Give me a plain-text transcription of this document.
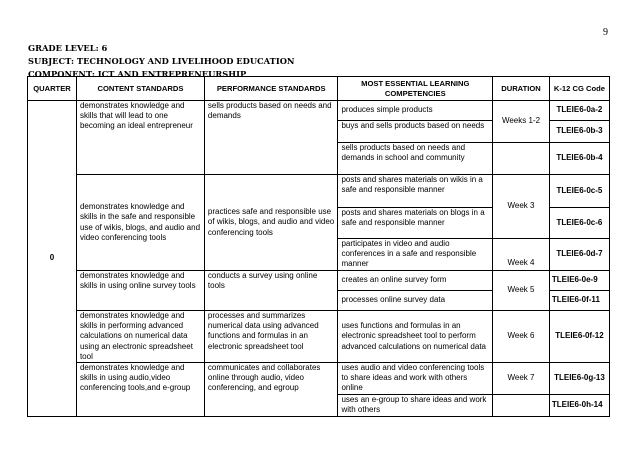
9
GRADE LEVEL: 6
SUBJECT: TECHNOLOGY AND LIVELIHOOD EDUCATION
COMPONENT: ICT AND ENTREPRENEURSHIP
QUARTER	CONTENT STANDARDS	PERFORMANCE STANDARDS	MOST ESSENTIAL LEARNING COMPETENCIES	DURATION	K-12 CG Code
0	demonstrates knowledge and skills that will lead to one becoming an ideal entrepreneur	sells products based on needs and demands	produces simple products	Weeks 1-2	TLEIE6-0a-2
			buys and sells products based on needs		TLEIE6-0b-3
			sells products based on needs and demands in school and community		TLEIE6-0b-4
	demonstrates knowledge and skills in the safe and responsible use of wikis, blogs, and audio and video conferencing tools	practices safe and responsible use of wikis, blogs, and audio and video conferencing tools	posts and shares materials on wikis in a safe and responsible manner	Week 3	TLEIE6-0c-5
			posts and shares materials on blogs in a safe and responsible manner		TLEIE6-0c-6
			participates in video and audio conferences in a safe and responsible manner	Week 4	TLEIE6-0d-7
	demonstrates knowledge and skills in using online survey tools	conducts a survey using online tools	creates an online survey form	Week 5	TLEIE6-0e-9
			processes online survey data		TLEIE6-0f-11
	demonstrates knowledge and skills in performing advanced calculations on numerical data using an electronic spreadsheet tool	processes and summarizes numerical data using advanced functions and formulas in an electronic spreadsheet tool	uses functions and formulas in an electronic spreadsheet tool to perform advanced calculations on numerical data	Week 6	TLEIE6-0f-12
	demonstrates knowledge and skills in using audio,video conferencing tools,and e-group	communicates and collaborates online through audio, video conferencing, and egroup	uses audio and video conferencing tools to share ideas and work with others online	Week 7	TLEIE6-0g-13
			uses an e-group to share ideas and work with others		TLEIE6-0h-14
